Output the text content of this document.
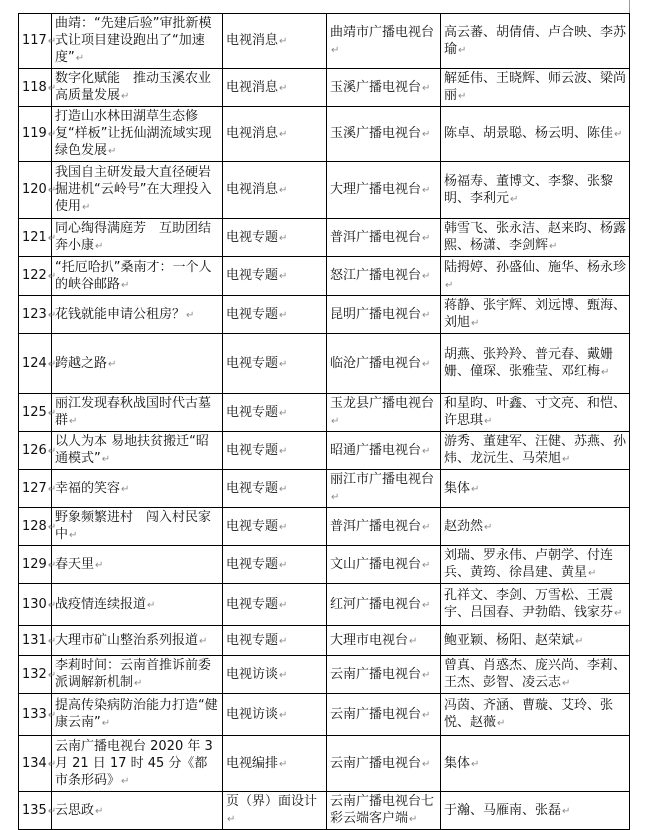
117↵	曲靖：“先建后验”审批新模式让项目建设跑出了“加速度”↵	电视消息↵	曲靖市广播电视台↵	高云蕃、胡倩倩、卢合映、李苏瑜↵
118↵	数字化赋能　推动玉溪农业高质量发展↵	电视消息↵	玉溪广播电视台↵	解延伟、王晓辉、师云波、梁尚丽↵
119↵	打造山水林田湖草生态修复“样板”让抚仙湖流域实现绿色发展↵	电视消息↵	玉溪广播电视台↵	陈卓、胡景聪、杨云明、陈佳↵
120↵	我国自主研发最大直径硬岩掘进机“云岭号”在大理投入使用↵	电视消息↵	大理广播电视台↵	杨福寿、董博文、李黎、张黎明、李利元↵
121↵	同心绹得满庭芳　互助团结奔小康↵	电视专题↵	普洱广播电视台↵	韩雪飞、张永洁、赵来昀、杨露熙、杨潇、李剑辉↵
122↵	“托厄哈扒”桑南才：一个人的峡谷邮路↵	电视专题↵	怒江广播电视台↵	陆拇婷、孙盛仙、施华、杨永珍↵
123↵	花钱就能申请公租房？↵	电视专题↵	昆明广播电视台↵	蒋静、张宇辉、刘远博、甄海、刘旭↵
124↵	跨越之路↵	电视专题↵	临沧广播电视台↵	胡燕、张羚羚、普元春、戴姗姗、僮琛、张雅莹、邓红梅↵
125↵	丽江发现春秋战国时代古墓群↵	电视专题↵	玉龙县广播电视台↵	和星昀、叶鑫、寸文亮、和恺、许思琪↵
126↵	以人为本 易地扶贫搬迁“昭通模式”↵	电视专题↵	昭通广播电视台↵	游秀、董建军、汪健、苏燕、孙炜、龙沅生、马荣旭↵
127↵	幸福的笑容↵	电视专题↵	丽江市广播电视台↵	集体↵
128↵	野象频繁进村　闯入村民家中↵	电视专题↵	普洱广播电视台↵	赵劲然↵
129↵	春天里↵	电视专题↵	文山广播电视台↵	刘瑞、罗永伟、卢朝学、付连兵、黄筠、徐昌建、黄星↵
130↵	战疫情连续报道↵	电视专题↵	红河广播电视台↵	孔祥文、李剑、万雪松、王震宇、吕国春、尹勃皓、钱家芬↵
131↵	大理市矿山整治系列报道↵	电视专题↵	大理市电视台↵	鲍亚颖、杨阳、赵荣斌↵
132↵	李莉时间：云南首推诉前委派调解新机制↵	电视访谈↵	云南广播电视台↵	曾真、肖惑杰、庞兴尚、李莉、王杰、彭智、凌云志↵
133↵	提高传染病防治能力打造“健康云南”↵	电视访谈↵	云南广播电视台↵	冯茵、齐涵、曹璇、艾玲、张悦、赵薇↵
134↵	云南广播电视台 2020 年 3 月 21 日 17 时 45 分《都市条形码》↵	电视编排↵	云南广播电视台↵	集体↵
135↵	云思政↵	页（界）面设计↵	云南广播电视台七彩云端客户端↵	于瀚、马雁南、张磊↵
